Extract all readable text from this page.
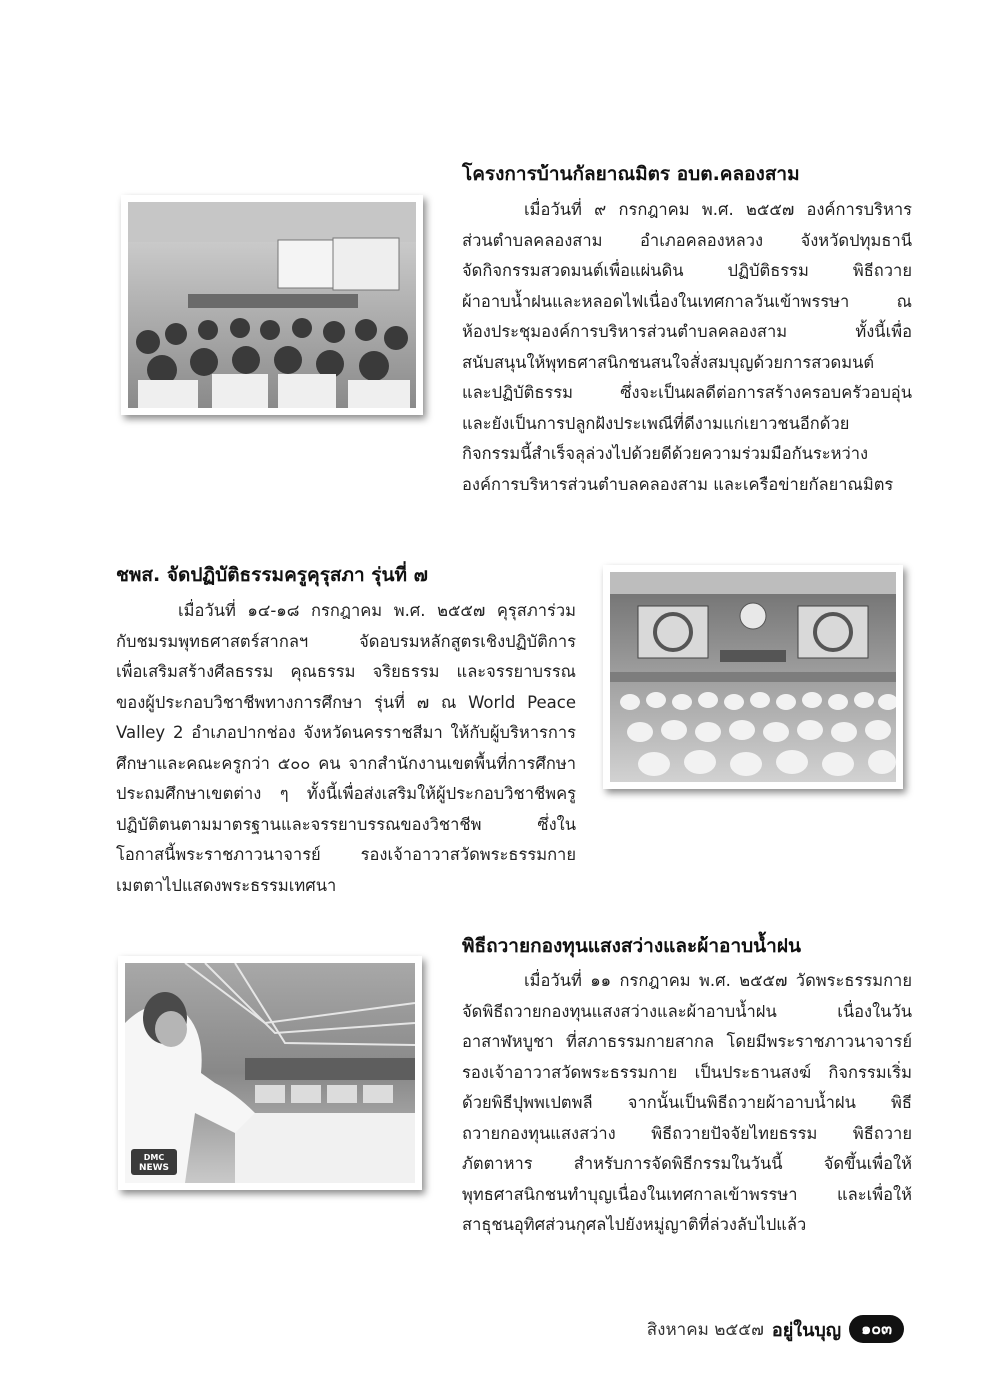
โครงการบ้านกัลยาณมิตร อบต.คลองสาม
เมื่อวันที่ ๙ กรกฎาคม พ.ศ. ๒๕๕๗ องค์การบริหาร
ส่วนตำบลคลองสาม อำเภอคลองหลวง จังหวัดปทุมธานี
จัดกิจกรรมสวดมนต์เพื่อแผ่นดิน ปฏิบัติธรรม พิธีถวาย
ผ้าอาบน้ำฝนและหลอดไฟเนื่องในเทศกาลวันเข้าพรรษา ณ
ห้องประชุมองค์การบริหารส่วนตำบลคลองสาม ทั้งนี้เพื่อ
สนับสนุนให้พุทธศาสนิกชนสนใจสั่งสมบุญด้วยการสวดมนต์
และปฏิบัติธรรม ซึ่งจะเป็นผลดีต่อการสร้างครอบครัวอบอุ่น
และยังเป็นการปลูกฝังประเพณีที่ดีงามแก่เยาวชนอีกด้วย
กิจกรรมนี้สำเร็จลุล่วงไปด้วยดีด้วยความร่วมมือกันระหว่าง
องค์การบริหารส่วนตำบลคลองสาม และเครือข่ายกัลยาณมิตร
ชพส. จัดปฏิบัติธรรมครูคุรุสภา รุ่นที่ ๗
เมื่อวันที่ ๑๔-๑๘ กรกฎาคม พ.ศ. ๒๕๕๗ คุรุสภาร่วม
กับชมรมพุทธศาสตร์สากลฯ จัดอบรมหลักสูตรเชิงปฏิบัติการ
เพื่อเสริมสร้างศีลธรรม คุณธรรม จริยธรรม และจรรยาบรรณ
ของผู้ประกอบวิชาชีพทางการศึกษา รุ่นที่ ๗ ณ World Peace
Valley 2 อำเภอปากช่อง จังหวัดนครราชสีมา ให้กับผู้บริหารการ
ศึกษาและคณะครูกว่า ๕๐๐ คน จากสำนักงานเขตพื้นที่การศึกษา
ประถมศึกษาเขตต่าง ๆ ทั้งนี้เพื่อส่งเสริมให้ผู้ประกอบวิชาชีพครู
ปฏิบัติตนตามมาตรฐานและจรรยาบรรณของวิชาชีพ ซึ่งใน
โอกาสนี้พระราชภาวนาจารย์ รองเจ้าอาวาสวัดพระธรรมกาย
เมตตาไปแสดงพระธรรมเทศนา
พิธีถวายกองทุนแสงสว่างและผ้าอาบน้ำฝน
เมื่อวันที่ ๑๑ กรกฎาคม พ.ศ. ๒๕๕๗ วัดพระธรรมกาย
จัดพิธีถวายกองทุนแสงสว่างและผ้าอาบน้ำฝน เนื่องในวัน
อาสาฬหบูชา ที่สภาธรรมกายสากล โดยมีพระราชภาวนาจารย์
รองเจ้าอาวาสวัดพระธรรมกาย เป็นประธานสงฆ์ กิจกรรมเริ่ม
ด้วยพิธีปุพพเปตพลี จากนั้นเป็นพิธีถวายผ้าอาบน้ำฝน พิธี
ถวายกองทุนแสงสว่าง พิธีถวายปัจจัยไทยธรรม พิธีถวาย
ภัตตาหาร สำหรับการจัดพิธีกรรมในวันนี้ จัดขึ้นเพื่อให้
พุทธศาสนิกชนทำบุญเนื่องในเทศกาลเข้าพรรษา และเพื่อให้
สาธุชนอุทิศส่วนกุศลไปยังหมู่ญาติที่ล่วงลับไปแล้ว
DMC
NEWS
สิงหาคม ๒๕๕๗ อยู่ในบุญ	๑๐๓
